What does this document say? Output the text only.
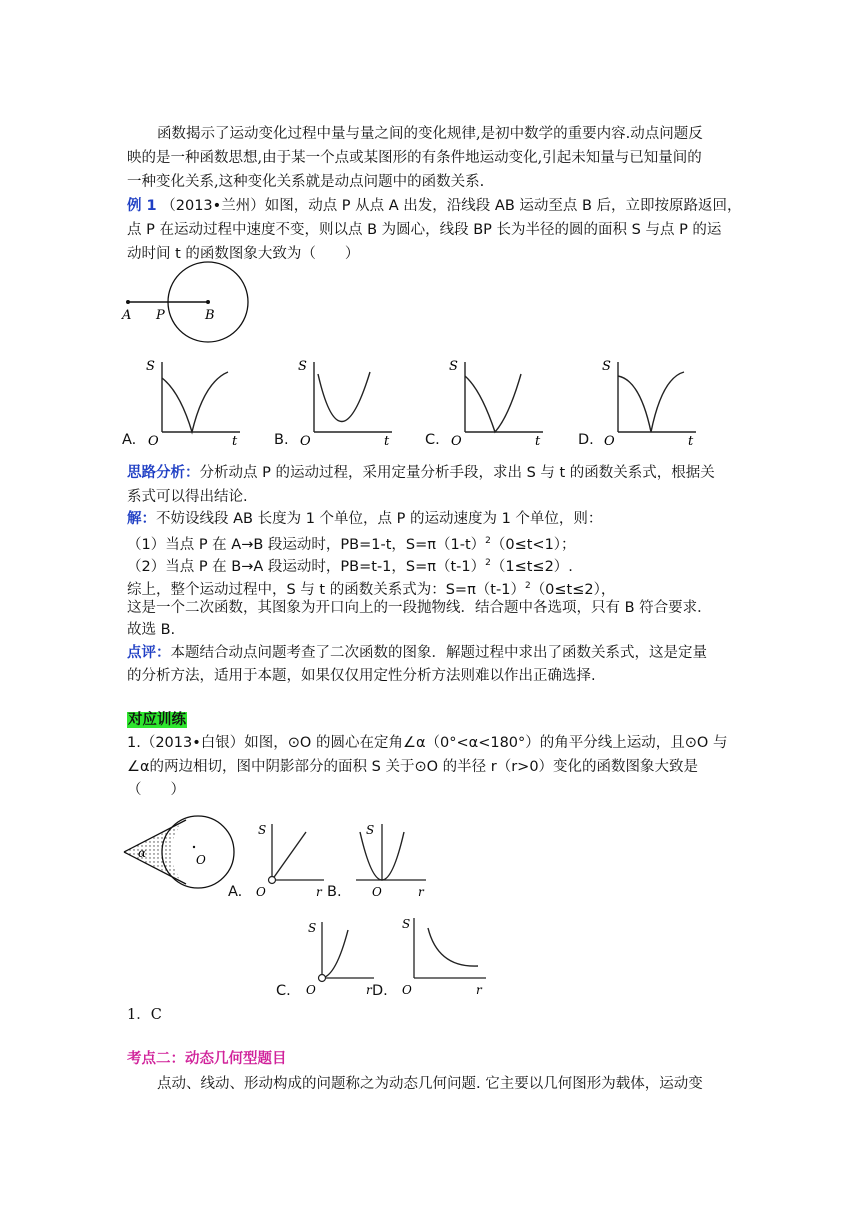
函数揭示了运动变化过程中量与量之间的变化规律,是初中数学的重要内容.动点问题反
映的是一种函数思想,由于某一个点或某图形的有条件地运动变化,引起未知量与已知量间的
一种变化关系,这种变化关系就是动点问题中的函数关系.
例 1 （2013•兰州）如图，动点 P 从点 A 出发，沿线段 AB 运动至点 B 后，立即按原路返回，
点 P 在运动过程中速度不变，则以点 B 为圆心，线段 BP 长为半径的圆的面积 S 与点 P 的运
动时间 t 的函数图象大致为（　　）
A P	B
A.	B.	C.	D.
S
O	t
S
O	t
S
O	t
S
O	t
思路分析：分析动点 P 的运动过程，采用定量分析手段，求出 S 与 t 的函数关系式，根据关
系式可以得出结论.
解：不妨设线段 AB 长度为 1 个单位，点 P 的运动速度为 1 个单位，则：
（1）当点 P 在 A→B 段运动时，PB=1-t，$S=\pi(1-t)^2(0\le t<1)$；
（2）当点 P 在 B→A 段运动时，PB=t-1，$S=\pi(t-1)^2(1\le t\le 2)$.
综上，整个运动过程中，S 与 t 的函数关系式为：$S=\pi(t-1)^2(0\le t\le 2)$，
这是一个二次函数，其图象为开口向上的一段抛物线．结合题中各选项，只有 B 符合要求．
故选 B.
点评：本题结合动点问题考查了二次函数的图象．解题过程中求出了函数关系式，这是定量
的分析方法，适用于本题，如果仅仅用定性分析方法则难以作出正确选择.
对应训练
1.（2013•白银）如图，⊙O 的圆心在定角∠α（0°<α<180°）的角平分线上运动，且⊙O 与
∠α的两边相切，图中阴影部分的面积 S 关于⊙O 的半径 r（r>0）变化的函数图象大致是
（　　）
α	O
A.	B.
C.	D.
S
O	r
S
O	r
S
O	r
S
O	r
1．C
考点二：动态几何型题目
点动、线动、形动构成的问题称之为动态几何问题. 它主要以几何图形为载体，运动变
